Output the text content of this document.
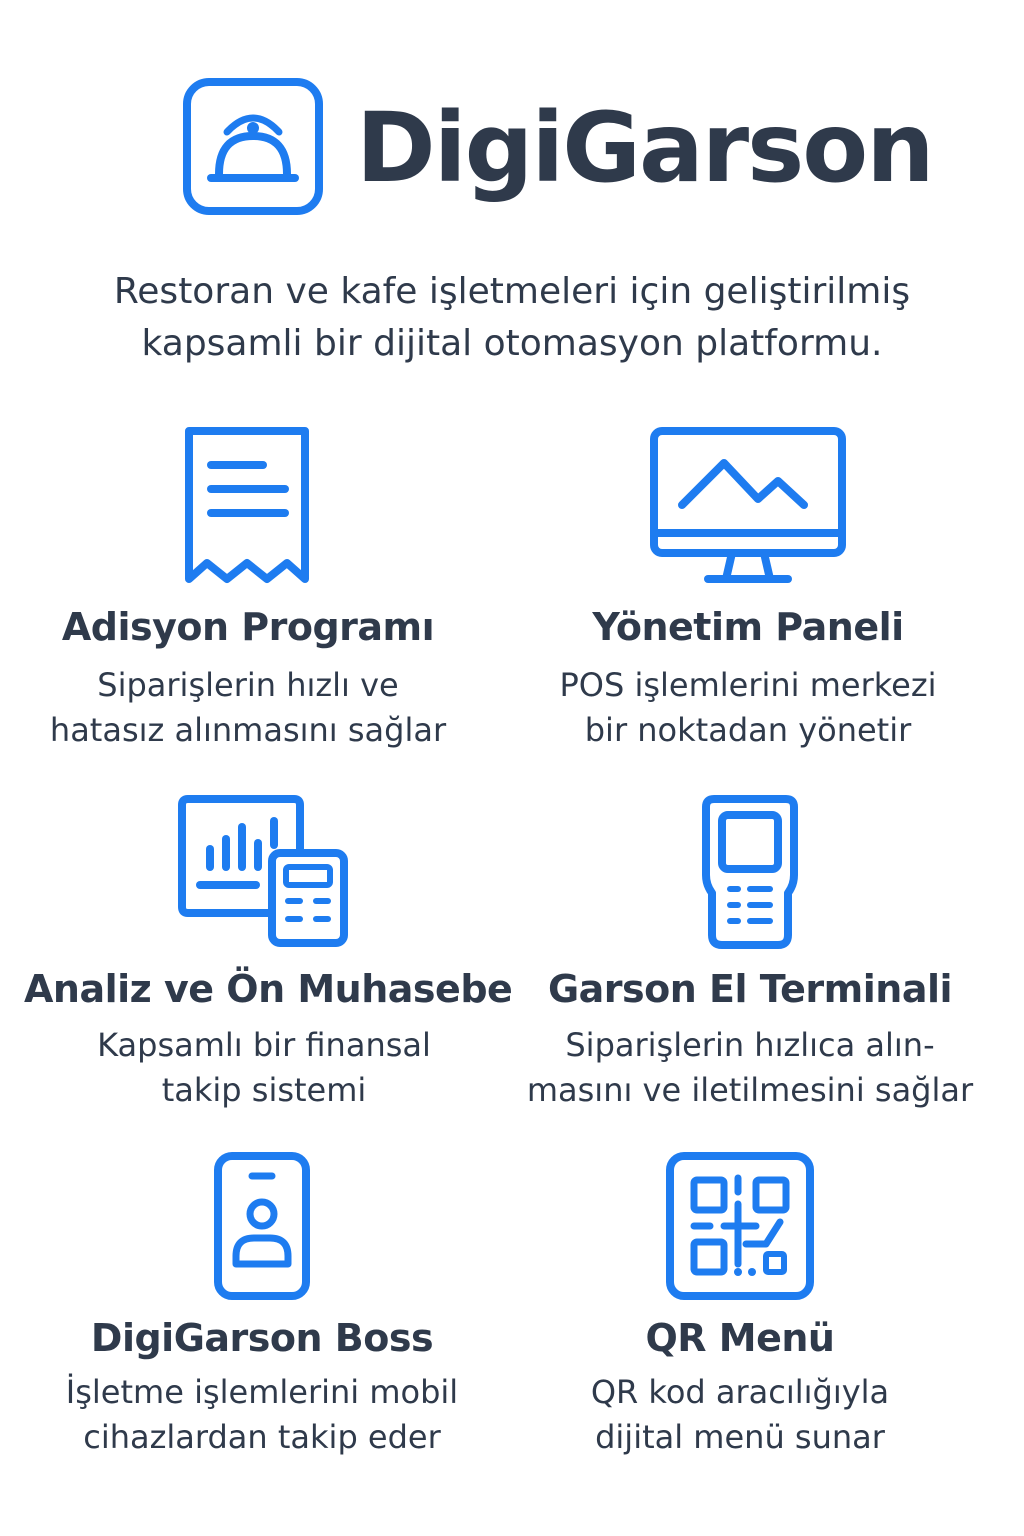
DigiGarson
Restoran ve kafe işletmeleri için geliştirilmiş
kapsamli bir dijital otomasyon platformu.
Adisyon Programı
Siparişlerin hızlı ve
hatasız alınmasını sağlar
Yönetim Paneli
POS işlemlerini merkezi
bir noktadan yönetir
Analiz ve Ön Muhasebe
Kapsamlı bir finansal
takip sistemi
Garson El Terminali
Siparişlerin hızlıca alın-
masını ve iletilmesini sağlar
DigiGarson Boss
İşletme işlemlerini mobil
cihazlardan takip eder
QR Menü
QR kod aracılığıyla
dijital menü sunar
